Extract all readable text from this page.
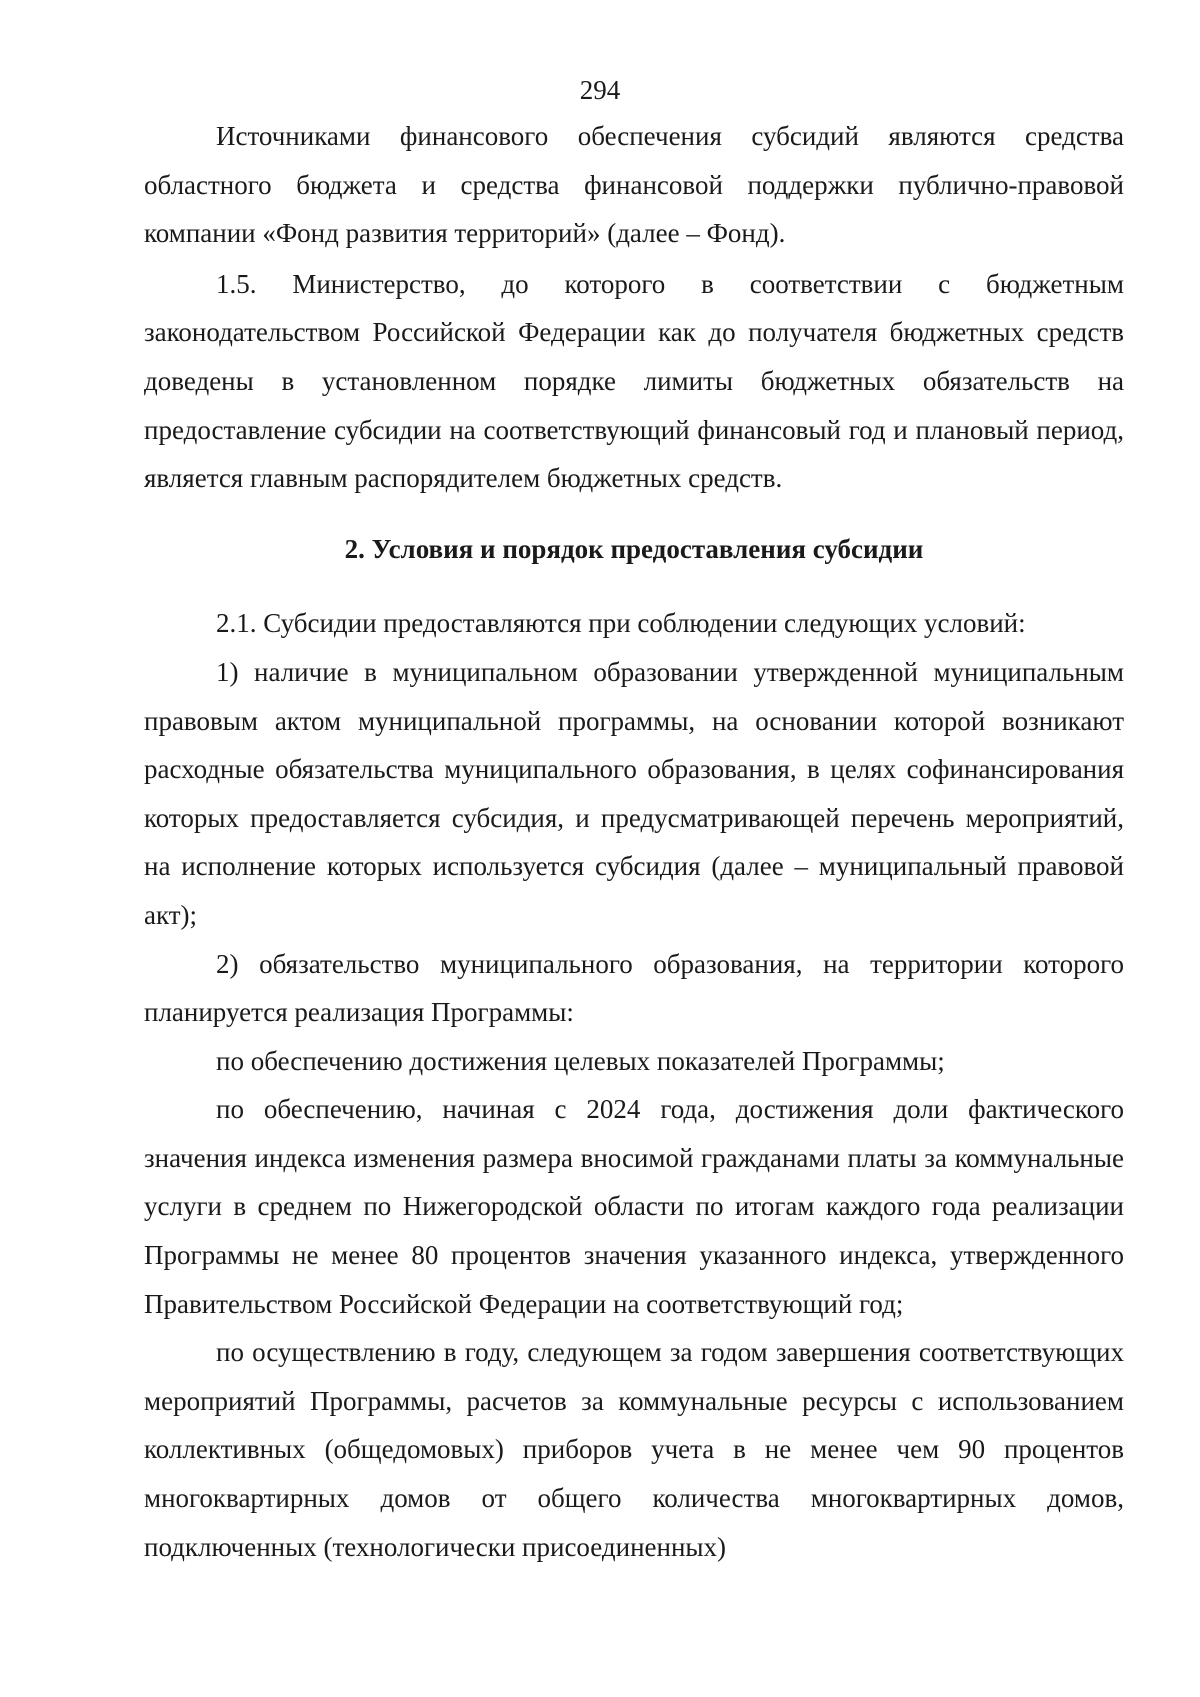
294

Источниками финансового обеспечения субсидий являются средства областного бюджета и средства финансовой поддержки публично-правовой компании «Фонд развития территорий» (далее – Фонд).

1.5. Министерство, до которого в соответствии с бюджетным законодательством Российской Федерации как до получателя бюджетных средств доведены в установленном порядке лимиты бюджетных обязательств на предоставление субсидии на соответствующий финансовый год и плановый период, является главным распорядителем бюджетных средств.

2. Условия и порядок предоставления субсидии

2.1. Субсидии предоставляются при соблюдении следующих условий:

1) наличие в муниципальном образовании утвержденной муниципальным правовым актом муниципальной программы, на основании которой возникают расходные обязательства муниципального образования, в целях софинансирования которых предоставляется субсидия, и предусматривающей перечень мероприятий, на исполнение которых используется субсидия (далее – муниципальный правовой акт);

2) обязательство муниципального образования, на территории которого планируется реализация Программы:

по обеспечению достижения целевых показателей Программы;

по обеспечению, начиная с 2024 года, достижения доли фактического значения индекса изменения размера вносимой гражданами платы за коммунальные услуги в среднем по Нижегородской области по итогам каждого года реализации Программы не менее 80 процентов значения указанного индекса, утвержденного Правительством Российской Федерации на соответствующий год;

по осуществлению в году, следующем за годом завершения соответствующих мероприятий Программы, расчетов за коммунальные ресурсы с использованием коллективных (общедомовых) приборов учета в не менее чем 90 процентов многоквартирных домов от общего количества многоквартирных домов, подключенных (технологически присоединенных)
